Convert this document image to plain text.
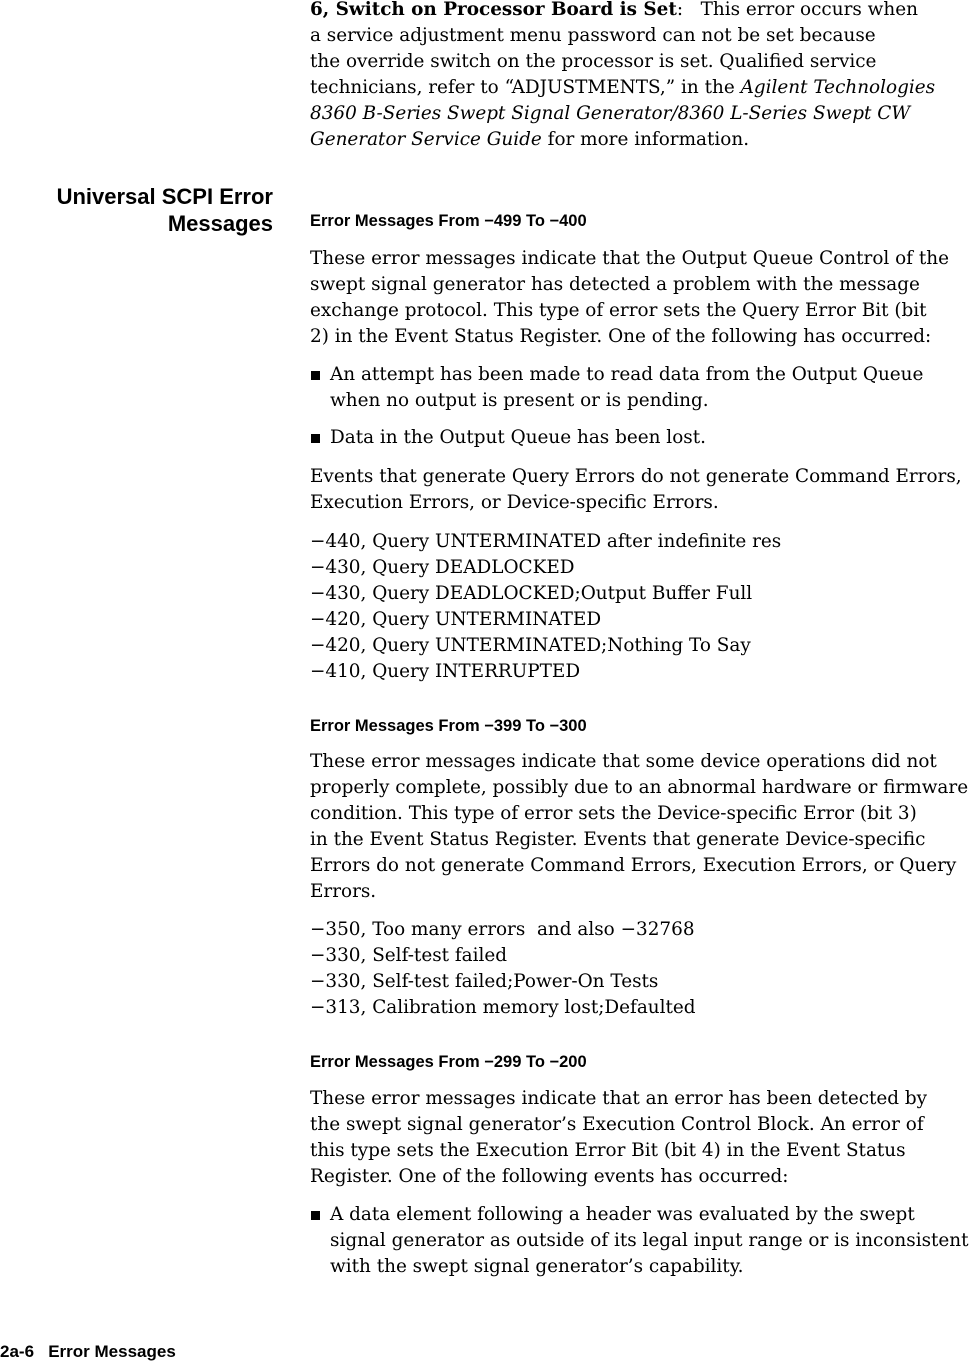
Universal SCPI Error
Messages
6, Switch on Processor Board is Set: This error occurs when
a service adjustment menu password can not be set because
the override switch on the processor is set. Qualified service
technicians, refer to “ADJUSTMENTS,” in the Agilent Technologies
8360 B-Series Swept Signal Generator/8360 L-Series Swept CW
Generator Service Guide for more information.
Error Messages From −499 To −400
These error messages indicate that the Output Queue Control of the
swept signal generator has detected a problem with the message
exchange protocol. This type of error sets the Query Error Bit (bit
2) in the Event Status Register. One of the following has occurred:
An attempt has been made to read data from the Output Queue
when no output is present or is pending.
Data in the Output Queue has been lost.
Events that generate Query Errors do not generate Command Errors,
Execution Errors, or Device-specific Errors.
−440, Query UNTERMINATED after indefinite res
−430, Query DEADLOCKED
−430, Query DEADLOCKED;Output Buffer Full
−420, Query UNTERMINATED
−420, Query UNTERMINATED;Nothing To Say
−410, Query INTERRUPTED
Error Messages From −399 To −300
These error messages indicate that some device operations did not
properly complete, possibly due to an abnormal hardware or firmware
condition. This type of error sets the Device-specific Error (bit 3)
in the Event Status Register. Events that generate Device-specific
Errors do not generate Command Errors, Execution Errors, or Query
Errors.
−350, Too many errors  and also −32768
−330, Self-test failed
−330, Self-test failed;Power-On Tests
−313, Calibration memory lost;Defaulted
Error Messages From −299 To −200
These error messages indicate that an error has been detected by
the swept signal generator’s Execution Control Block. An error of
this type sets the Execution Error Bit (bit 4) in the Event Status
Register. One of the following events has occurred:
A data element following a header was evaluated by the swept
signal generator as outside of its legal input range or is inconsistent
with the swept signal generator’s capability.
2a-6 Error Messages
